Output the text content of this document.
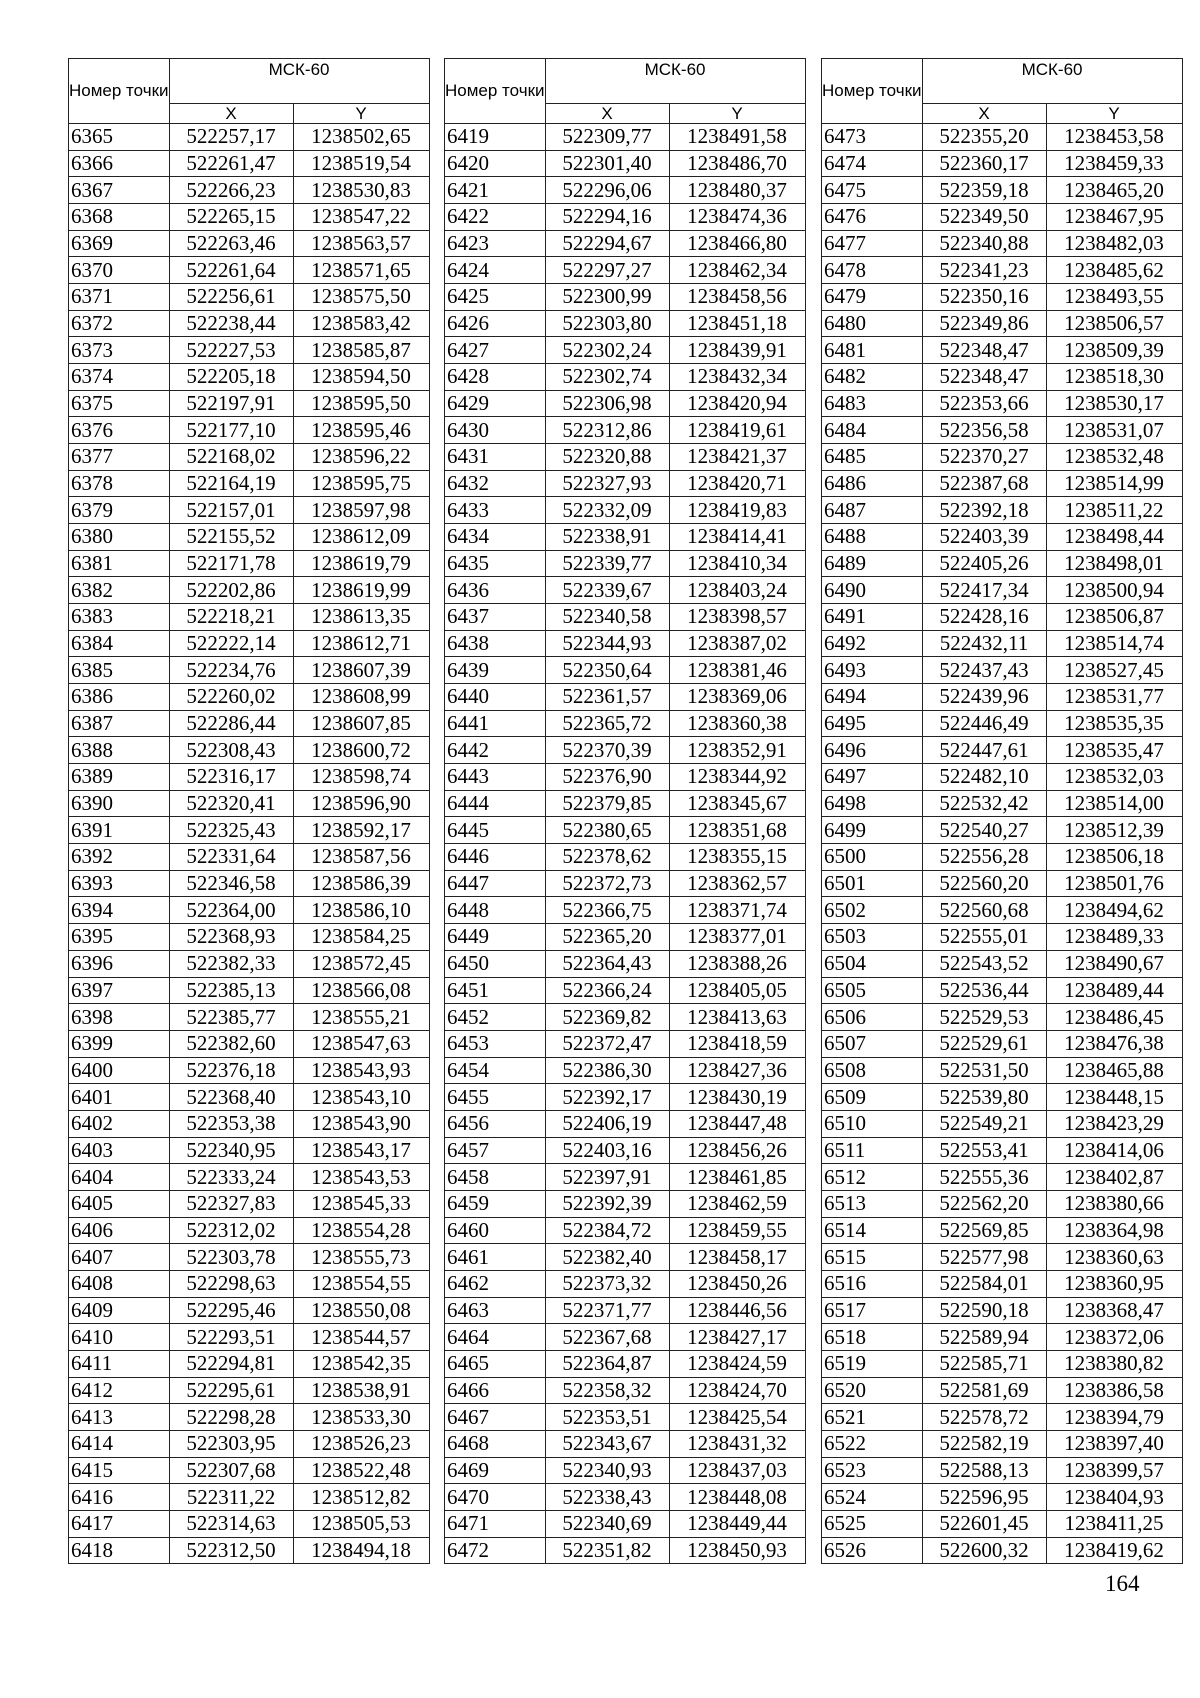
Номер точки	МСК-60	
	X	Y
6365	522257,17	1238502,65
6366	522261,47	1238519,54
6367	522266,23	1238530,83
6368	522265,15	1238547,22
6369	522263,46	1238563,57
6370	522261,64	1238571,65
6371	522256,61	1238575,50
6372	522238,44	1238583,42
6373	522227,53	1238585,87
6374	522205,18	1238594,50
6375	522197,91	1238595,50
6376	522177,10	1238595,46
6377	522168,02	1238596,22
6378	522164,19	1238595,75
6379	522157,01	1238597,98
6380	522155,52	1238612,09
6381	522171,78	1238619,79
6382	522202,86	1238619,99
6383	522218,21	1238613,35
6384	522222,14	1238612,71
6385	522234,76	1238607,39
6386	522260,02	1238608,99
6387	522286,44	1238607,85
6388	522308,43	1238600,72
6389	522316,17	1238598,74
6390	522320,41	1238596,90
6391	522325,43	1238592,17
6392	522331,64	1238587,56
6393	522346,58	1238586,39
6394	522364,00	1238586,10
6395	522368,93	1238584,25
6396	522382,33	1238572,45
6397	522385,13	1238566,08
6398	522385,77	1238555,21
6399	522382,60	1238547,63
6400	522376,18	1238543,93
6401	522368,40	1238543,10
6402	522353,38	1238543,90
6403	522340,95	1238543,17
6404	522333,24	1238543,53
6405	522327,83	1238545,33
6406	522312,02	1238554,28
6407	522303,78	1238555,73
6408	522298,63	1238554,55
6409	522295,46	1238550,08
6410	522293,51	1238544,57
6411	522294,81	1238542,35
6412	522295,61	1238538,91
6413	522298,28	1238533,30
6414	522303,95	1238526,23
6415	522307,68	1238522,48
6416	522311,22	1238512,82
6417	522314,63	1238505,53
6418	522312,50	1238494,18
Номер точки	МСК-60	
	X	Y
6419	522309,77	1238491,58
6420	522301,40	1238486,70
6421	522296,06	1238480,37
6422	522294,16	1238474,36
6423	522294,67	1238466,80
6424	522297,27	1238462,34
6425	522300,99	1238458,56
6426	522303,80	1238451,18
6427	522302,24	1238439,91
6428	522302,74	1238432,34
6429	522306,98	1238420,94
6430	522312,86	1238419,61
6431	522320,88	1238421,37
6432	522327,93	1238420,71
6433	522332,09	1238419,83
6434	522338,91	1238414,41
6435	522339,77	1238410,34
6436	522339,67	1238403,24
6437	522340,58	1238398,57
6438	522344,93	1238387,02
6439	522350,64	1238381,46
6440	522361,57	1238369,06
6441	522365,72	1238360,38
6442	522370,39	1238352,91
6443	522376,90	1238344,92
6444	522379,85	1238345,67
6445	522380,65	1238351,68
6446	522378,62	1238355,15
6447	522372,73	1238362,57
6448	522366,75	1238371,74
6449	522365,20	1238377,01
6450	522364,43	1238388,26
6451	522366,24	1238405,05
6452	522369,82	1238413,63
6453	522372,47	1238418,59
6454	522386,30	1238427,36
6455	522392,17	1238430,19
6456	522406,19	1238447,48
6457	522403,16	1238456,26
6458	522397,91	1238461,85
6459	522392,39	1238462,59
6460	522384,72	1238459,55
6461	522382,40	1238458,17
6462	522373,32	1238450,26
6463	522371,77	1238446,56
6464	522367,68	1238427,17
6465	522364,87	1238424,59
6466	522358,32	1238424,70
6467	522353,51	1238425,54
6468	522343,67	1238431,32
6469	522340,93	1238437,03
6470	522338,43	1238448,08
6471	522340,69	1238449,44
6472	522351,82	1238450,93
Номер точки	МСК-60	
	X	Y
6473	522355,20	1238453,58
6474	522360,17	1238459,33
6475	522359,18	1238465,20
6476	522349,50	1238467,95
6477	522340,88	1238482,03
6478	522341,23	1238485,62
6479	522350,16	1238493,55
6480	522349,86	1238506,57
6481	522348,47	1238509,39
6482	522348,47	1238518,30
6483	522353,66	1238530,17
6484	522356,58	1238531,07
6485	522370,27	1238532,48
6486	522387,68	1238514,99
6487	522392,18	1238511,22
6488	522403,39	1238498,44
6489	522405,26	1238498,01
6490	522417,34	1238500,94
6491	522428,16	1238506,87
6492	522432,11	1238514,74
6493	522437,43	1238527,45
6494	522439,96	1238531,77
6495	522446,49	1238535,35
6496	522447,61	1238535,47
6497	522482,10	1238532,03
6498	522532,42	1238514,00
6499	522540,27	1238512,39
6500	522556,28	1238506,18
6501	522560,20	1238501,76
6502	522560,68	1238494,62
6503	522555,01	1238489,33
6504	522543,52	1238490,67
6505	522536,44	1238489,44
6506	522529,53	1238486,45
6507	522529,61	1238476,38
6508	522531,50	1238465,88
6509	522539,80	1238448,15
6510	522549,21	1238423,29
6511	522553,41	1238414,06
6512	522555,36	1238402,87
6513	522562,20	1238380,66
6514	522569,85	1238364,98
6515	522577,98	1238360,63
6516	522584,01	1238360,95
6517	522590,18	1238368,47
6518	522589,94	1238372,06
6519	522585,71	1238380,82
6520	522581,69	1238386,58
6521	522578,72	1238394,79
6522	522582,19	1238397,40
6523	522588,13	1238399,57
6524	522596,95	1238404,93
6525	522601,45	1238411,25
6526	522600,32	1238419,62
164
